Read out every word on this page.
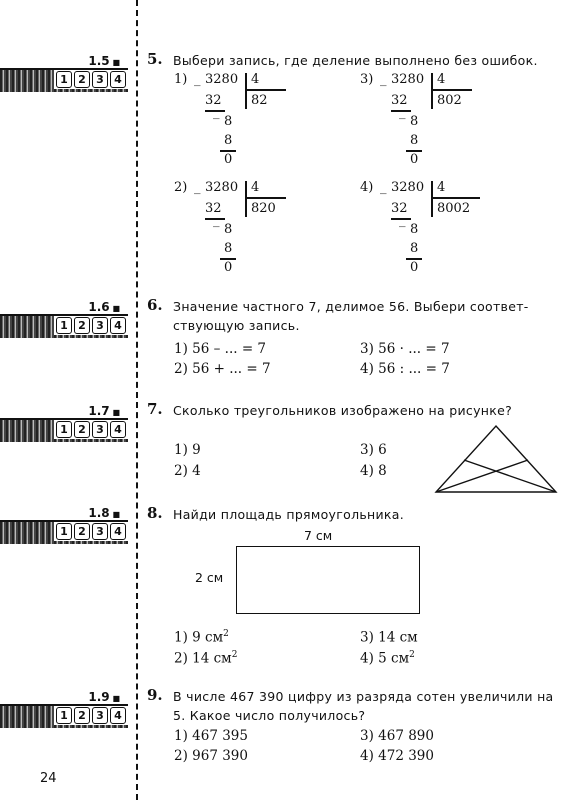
1.5 ■
1 2 3 4
1.6 ■
1 2 3 4
1.7 ■
1 2 3 4
1.8 ■
1 2 3 4
1.9 ■
1 2 3 4
5. Выбери запись, где деление выполнено без ошибок.
1) _ 3280 4
82
32
_
8
8
0
3) _ 3280 4
802
32
_
8
8
0
2) _ 3280 4
820
32
_
8
8
0
4) _ 3280 4
8002
32
_
8
8
0
6. Значение частного 7, делимое 56. Выбери соответ-ствующую запись.
1) 56 – ... = 7
2) 56 + ... = 7
3) 56 · ... = 7
4) 56 : ... = 7
7. Сколько треугольников изображено на рисунке?
1) 9
2) 4
3) 6
4) 8
8. Найди площадь прямоугольника.
7 см
2 см
1) 9 $см^2$
2) 14 $см^2$
3) 14 см
4) 5 $см^2$
9. В числе 467 390 цифру из разряда сотен увеличили на 5. Какое число получилось?
1) 467 395
2) 967 390
3) 467 890
4) 472 390
24
